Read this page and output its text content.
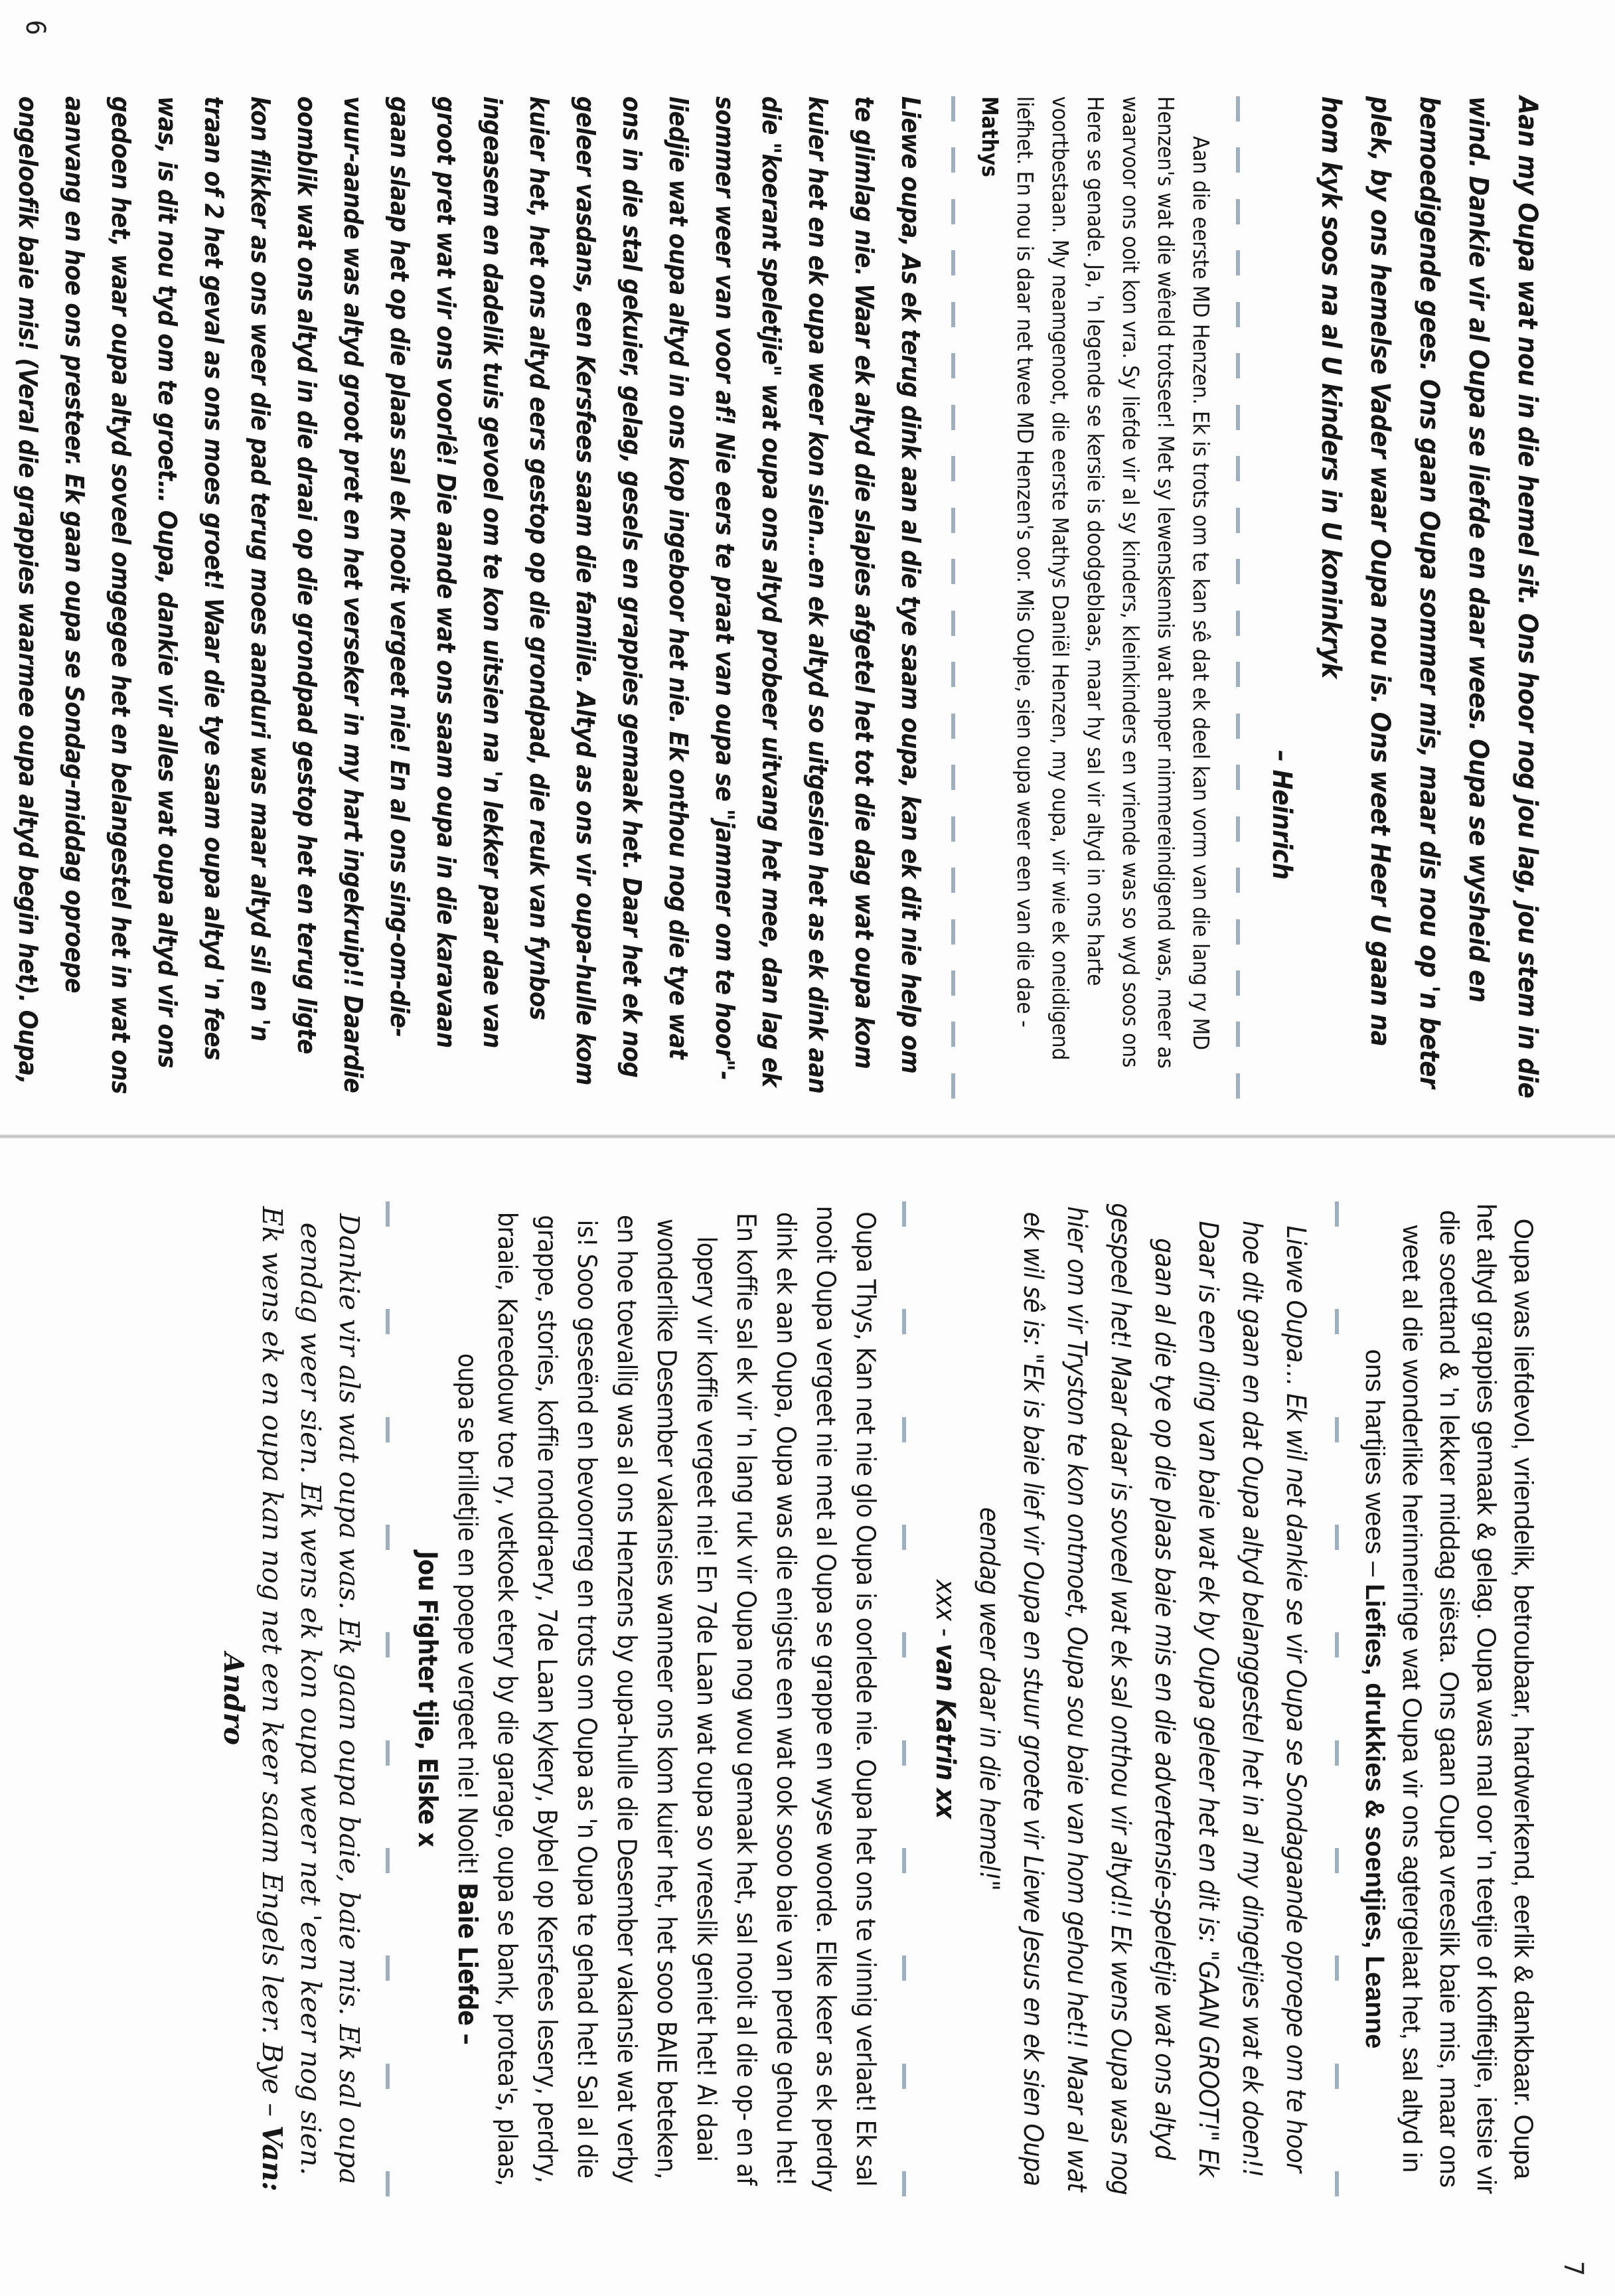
Aan my Oupa wat nou in die hemel sit. Ons hoor nog jou lag, jou stem in die wind. Dankie vir al Oupa se liefde en daar wees. Oupa se wysheid en bemoedigende gees. Ons gaan Oupa sommer mis, maar dis nou op 'n beter plek, by ons hemelse Vader waar Oupa nou is. Ons weet Heer U gaan na hom kyk soos na al U kinders in U koninkryk

– Heinrich

Aan die eerste MD Henzen. Ek is trots om te kan sê dat ek deel kan vorm van die lang ry MD Henzen's wat die wêreld trotseer! Met sy lewenskennis wat amper nimmereindigend was, meer as waarvoor ons ooit kon vra. Sy liefde vir al sy kinders, kleinkinders en vriende was so wyd soos ons Here se genade. Ja, 'n legende se kersie is doodgeblaas, maar hy sal vir altyd in ons harte voortbestaan. My neamgenoot, die eerste Mathys Daniël Henzen, my oupa, vir wie ek oneidigend liefhet. En nou is daar net twee MD Henzen's oor. Mis Oupie, sien oupa weer een van die dae - Mathys

Liewe oupa, As ek terug dink aan al die tye saam oupa, kan ek dit nie help om te glimlag nie. Waar ek altyd die slapies afgetel het tot die dag wat oupa kom kuier het en ek oupa weer kon sien…en ek altyd so uitgesien het as ek dink aan die "koerant speletjie" wat oupa ons altyd probeer uitvang het mee, dan lag ek sommer weer van voor af! Nie eers te praat van oupa se "jammer om te hoor"-liedjie wat oupa altyd in ons kop ingeboor het nie. Ek onthou nog die tye wat ons in die stal gekuier, gelag, gesels en grappies gemaak het. Daar het ek nog geleer vasdans, een Kersfees saam die familie. Altyd as ons vir oupa-hulle kom kuier het, het ons altyd eers gestop op die grondpad, die reuk van fynbos ingeasem en dadelik tuis gevoel om te kon uitsien na 'n lekker paar dae van groot pret wat vir ons voorlê! Die aande wat ons saam oupa in die karavaan gaan slaap het op die plaas sal ek nooit vergeet nie! En al ons sing-om-die-vuur-aande was altyd groot pret en het verseker in my hart ingekruip!! Daardie oomblik wat ons altyd in die draai op die grondpad gestop het en terug ligte kon flikker as ons weer die pad terug moes aanduri was maar altyd sil en 'n traan of 2 het geval as ons moes groet! Waar die tye saam oupa altyd 'n fees was, is dit nou tyd om te groet… Oupa, dankie vir alles wat oupa altyd vir ons gedoen het, waar oupa altyd soveel omgegee het en belangestel het in wat ons aanvang en hoe ons presteer. Ek gaan oupa se Sondag-middag oproepe ongeloofik baie mis! (Veral die grappies waarmee oupa altyd begin het). Oupa,

6

Oupa was liefdevol, vriendelik, betroubaar, hardwerkend, eerlik & dankbaar. Oupa het altyd grappies gemaak & gelag. Oupa was mal oor 'n teetjie of koffietjie, ietsie vir die soettand & 'n lekker middag siësta. Ons gaan Oupa vreeslik baie mis, maar ons weet al die wonderlike herinneringe wat Oupa vir ons agtergelaat het, sal altyd in ons hartjies wees – Liefies, drukkies & soentjies, Leanne

Liewe Oupa… Ek wil net dankie se vir Oupa se Sondagaande oproepe om te hoor hoe dit gaan en dat Oupa altyd belanggestel het in al my dingetjies wat ek doen!! Daar is een ding van baie wat ek by Oupa geleer het en dit is: "GAAN GROOT!" Ek gaan al die tye op die plaas baie mis en die advertensie-speletjie wat ons altyd gespeel het! Maar daar is soveel wat ek sal onthou vir altyd!! Ek wens Oupa was nog hier om vir Tryston te kon ontmoet, Oupa sou baie van hom gehou het!! Maar al wat ek wil sê is: "Ek is baie lief vir Oupa en stuur groete vir Liewe Jesus en ek sien Oupa eendag weer daar in die hemel!"

xxx - van Katrin xx

Oupa Thys, Kan net nie glo Oupa is oorlede nie. Oupa het ons te vinnig verlaat! Ek sal nooit Oupa vergeet nie met al Oupa se grappe en wyse woorde. Elke keer as ek perdry dink ek aan Oupa, Oupa was die enigste een wat ook sooo baie van perde gehou het! En koffie sal ek vir 'n lang ruk vir Oupa nog wou gemaak het, sal nooit al die op- en af lopery vir koffie vergeet nie! En 7de Laan wat oupa so vreeslik geniet het! Ai daai wonderlike Desember vakansies wanneer ons kom kuier het, het sooo BAIE beteken, en hoe toevallig was al ons Henzens by oupa-hulle die Desember vakansie wat verby is! Sooo geseënd en bevoorreg en trots om Oupa as 'n Oupa te gehad het! Sal al die grappe, stories, koffie ronddraery, 7de Laan kykery, Bybel op Kersfees lesery, perdry, braaie, Kareedouw toe ry, vetkoek etery by die garage, oupa se bank, protea's, plaas, oupa se brilletjie en poepe vergeet nie! Nooit! Baie Liefde –

Jou Fighter tjie, Elske x

Dankie vir als wat oupa was. Ek gaan oupa baie, baie mis. Ek sal oupa eendag weer sien. Ek wens ek kon oupa weer net 'een keer nog sien. Ek wens ek en oupa kan nog net een keer saam Engels leer. Bye – Van: Andro

7
